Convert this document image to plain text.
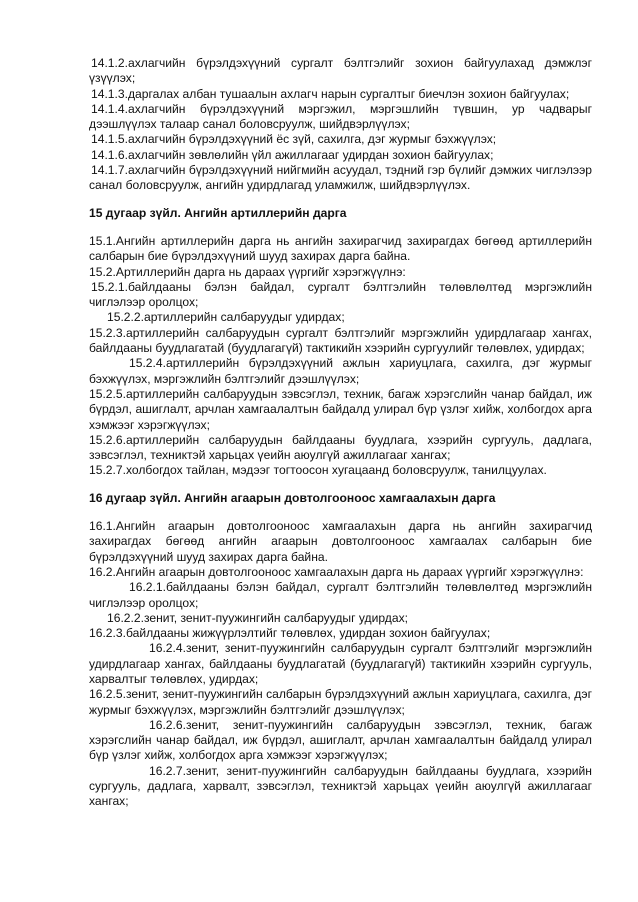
14.1.2.ахлагчийн бүрэлдэхүүний сургалт бэлтгэлийг зохион байгуулахад дэмжлэг үзүүлэх;

14.1.3.даргалах албан тушаалын ахлагч нарын сургалтыг биечлэн зохион байгуулах;

14.1.4.ахлагчийн бүрэлдэхүүний мэргэжил, мэргэшлийн түвшин, ур чадварыг дээшлүүлэх талаар санал боловсруулж, шийдвэрлүүлэх;

14.1.5.ахлагчийн бүрэлдэхүүний ёс зүй, сахилга, дэг журмыг бэхжүүлэх;

14.1.6.ахлагчийн зөвлөлийн үйл ажиллагааг удирдан зохион байгуулах;

14.1.7.ахлагчийн бүрэлдэхүүний нийгмийн асуудал, тэдний гэр бүлийг дэмжих чиглэлээр санал боловсруулж, ангийн удирдлагад уламжилж, шийдвэрлүүлэх.

15 дугаар зүйл. Ангийн артиллерийн дарга

15.1.Ангийн артиллерийн дарга нь ангийн захирагчид захирагдах бөгөөд артиллерийн салбарын бие бүрэлдэхүүний шууд захирах дарга байна.

15.2.Артиллерийн дарга нь дараах үүргийг хэрэгжүүлнэ:

15.2.1.байлдааны бэлэн байдал, сургалт бэлтгэлийн төлөвлөлтөд мэргэжлийн чиглэлээр оролцох;

15.2.2.артиллерийн салбаруудыг удирдах;

15.2.3.артиллерийн салбаруудын сургалт бэлтгэлийг мэргэжлийн удирдлагаар хангах, байлдааны буудлагатай (буудлагагүй) тактикийн хээрийн сургуулийг төлөвлөх, удирдах;

15.2.4.артиллерийн бүрэлдэхүүний ажлын хариуцлага, сахилга, дэг журмыг бэхжүүлэх, мэргэжлийн бэлтгэлийг дээшлүүлэх;

15.2.5.артиллерийн салбаруудын зэвсэглэл, техник, багаж хэрэгслийн чанар байдал, иж бүрдэл, ашиглалт, арчлан хамгаалалтын байдалд улирал бүр үзлэг хийж, холбогдох арга хэмжээг хэрэгжүүлэх;

15.2.6.артиллерийн салбаруудын байлдааны буудлага, хээрийн сургууль, дадлага, зэвсэглэл, техниктэй харьцах үеийн аюулгүй ажиллагааг хангах;

15.2.7.холбогдох тайлан, мэдээг тогтоосон хугацаанд боловсруулж, танилцуулах.

16 дугаар зүйл. Ангийн агаарын довтолгооноос хамгаалахын дарга

16.1.Ангийн агаарын довтолгооноос хамгаалахын дарга нь ангийн захирагчид захирагдах бөгөөд ангийн агаарын довтолгооноос хамгаалах салбарын бие бүрэлдэхүүний шууд захирах дарга байна.

16.2.Ангийн агаарын довтолгооноос хамгаалахын дарга нь дараах үүргийг хэрэгжүүлнэ:

16.2.1.байлдааны бэлэн байдал, сургалт бэлтгэлийн төлөвлөлтөд мэргэжлийн чиглэлээр оролцох;

16.2.2.зенит, зенит-пуужингийн салбаруудыг удирдах;

16.2.3.байлдааны жижүүрлэлтийг төлөвлөх, удирдан зохион байгуулах;

16.2.4.зенит, зенит-пуужингийн салбаруудын сургалт бэлтгэлийг мэргэжлийн удирдлагаар хангах, байлдааны буудлагатай (буудлагагүй) тактикийн хээрийн сургууль, харвалтыг төлөвлөх, удирдах;

16.2.5.зенит, зенит-пуужингийн салбарын бүрэлдэхүүний ажлын хариуцлага, сахилга, дэг журмыг бэхжүүлэх, мэргэжлийн бэлтгэлийг дээшлүүлэх;

16.2.6.зенит, зенит-пуужингийн салбаруудын зэвсэглэл, техник, багаж хэрэгслийн чанар байдал, иж бүрдэл, ашиглалт, арчлан хамгаалалтын байдалд улирал бүр үзлэг хийж, холбогдох арга хэмжээг хэрэгжүүлэх;

16.2.7.зенит, зенит-пуужингийн салбаруудын байлдааны буудлага, хээрийн сургууль, дадлага, харвалт, зэвсэглэл, техниктэй харьцах үеийн аюулгүй ажиллагааг хангах;
